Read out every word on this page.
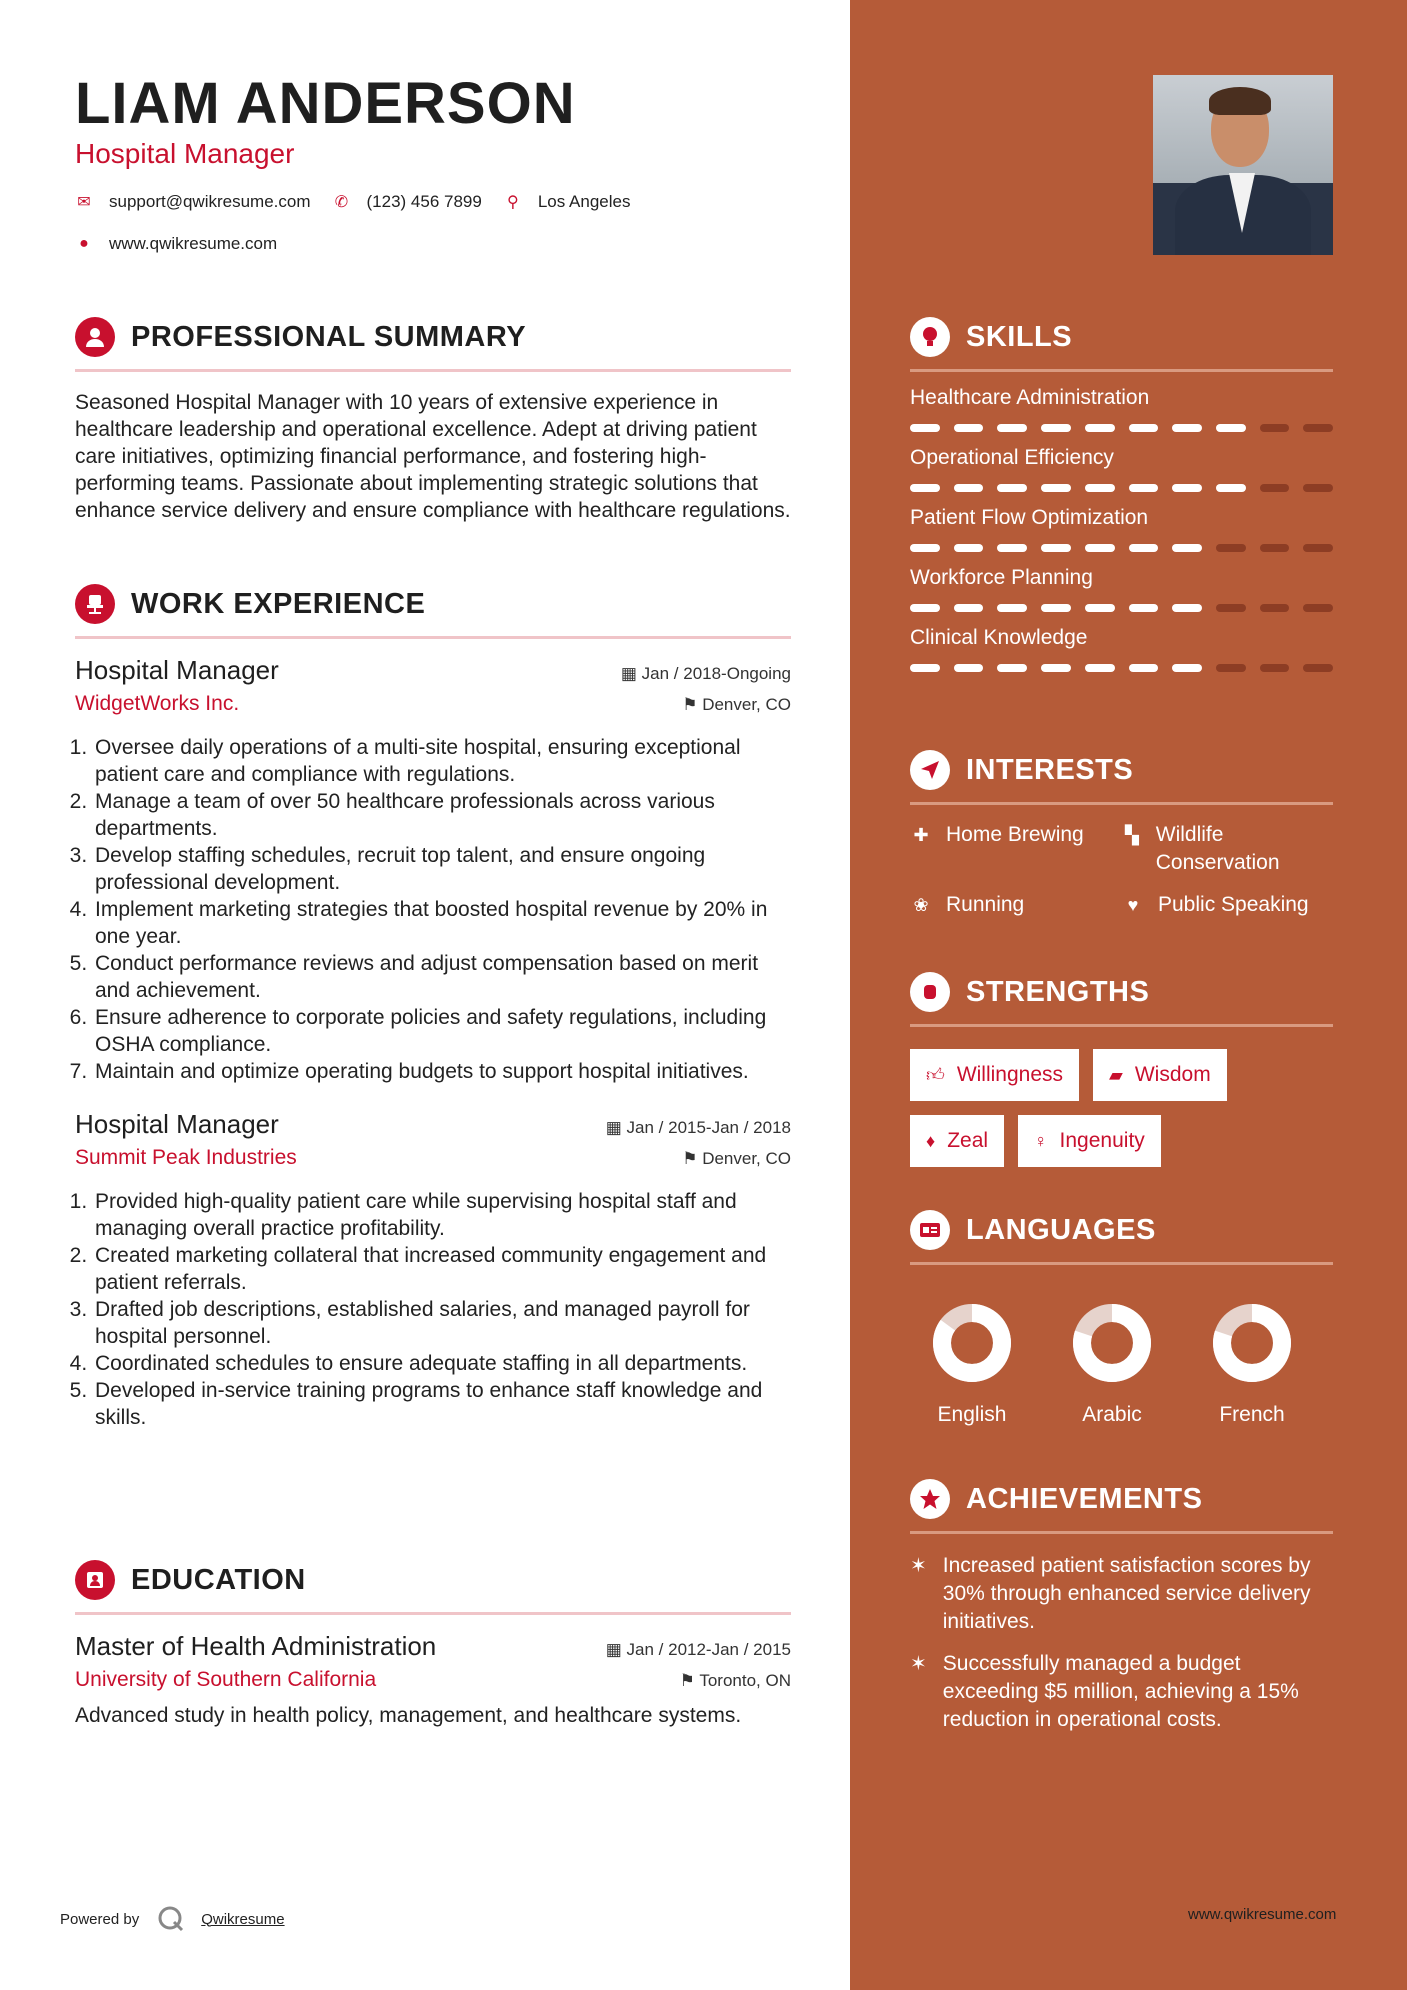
LIAM ANDERSON
Hospital Manager
✉ support@qwikresume.com ✆ (123) 456 7899 ⚲ Los Angeles
● www.qwikresume.com
PROFESSIONAL SUMMARY
Seasoned Hospital Manager with 10 years of extensive experience in healthcare leadership and operational excellence. Adept at driving patient care initiatives, optimizing financial performance, and fostering high-performing teams. Passionate about implementing strategic solutions that enhance service delivery and ensure compliance with healthcare regulations.
WORK EXPERIENCE
Hospital Manager	▦ Jan / 2018-Ongoing
WidgetWorks Inc.	⚑ Denver, CO
1. Oversee daily operations of a multi-site hospital, ensuring exceptional patient care and compliance with regulations.
2. Manage a team of over 50 healthcare professionals across various departments.
3. Develop staffing schedules, recruit top talent, and ensure ongoing professional development.
4. Implement marketing strategies that boosted hospital revenue by 20% in one year.
5. Conduct performance reviews and adjust compensation based on merit and achievement.
6. Ensure adherence to corporate policies and safety regulations, including OSHA compliance.
7. Maintain and optimize operating budgets to support hospital initiatives.
Hospital Manager	▦ Jan / 2015-Jan / 2018
Summit Peak Industries	⚑ Denver, CO
1. Provided high-quality patient care while supervising hospital staff and managing overall practice profitability.
2. Created marketing collateral that increased community engagement and patient referrals.
3. Drafted job descriptions, established salaries, and managed payroll for hospital personnel.
4. Coordinated schedules to ensure adequate staffing in all departments.
5. Developed in-service training programs to enhance staff knowledge and skills.
EDUCATION
Master of Health Administration	▦ Jan / 2012-Jan / 2015
University of Southern California	⚑ Toronto, ON
Advanced study in health policy, management, and healthcare systems.
SKILLS
Healthcare Administration
Operational Efficiency
Patient Flow Optimization
Workforce Planning
Clinical Knowledge
INTERESTS
✚ Home Brewing ▚ Wildlife Conservation
❀ Running	♥ Public Speaking
STRENGTHS
👍︎ Willingness	▰ Wisdom
♦ Zeal	♀ Ingenuity
LANGUAGES
English	Arabic	French
ACHIEVEMENTS
✶ Increased patient satisfaction scores by 30% through enhanced service delivery initiatives.
✶ Successfully managed a budget exceeding $5 million, achieving a 15% reduction in operational costs.
Powered by	Qwikresume	www.qwikresume.com
